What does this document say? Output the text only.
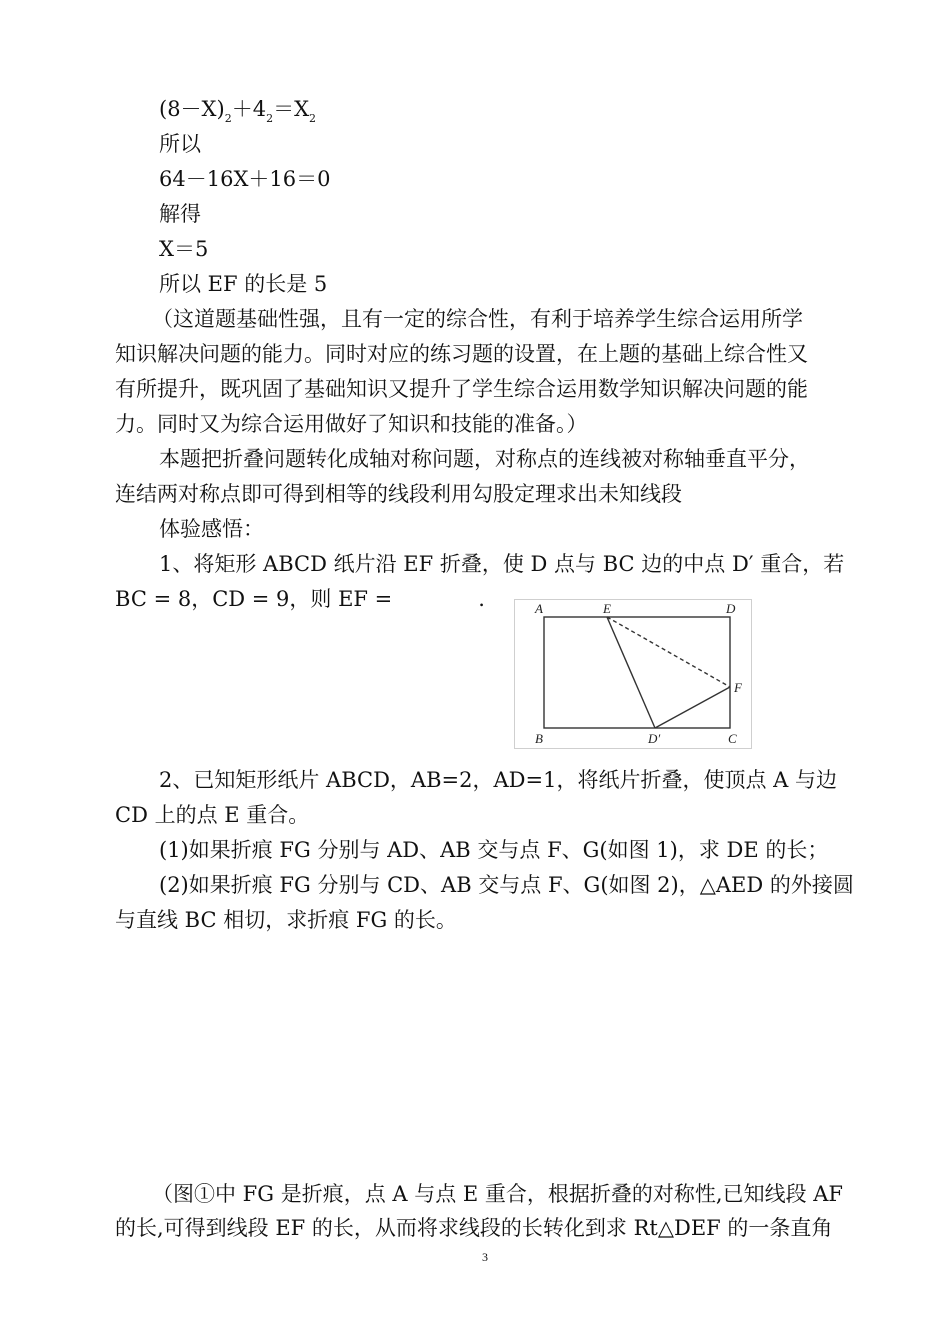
$(8-X)_2+4_2=X_2$
所以
64－16X＋16＝0
解得
X＝5
所以 EF 的长是 5
（这道题基础性强，且有一定的综合性，有利于培养学生综合运用所学
知识解决问题的能力。同时对应的练习题的设置，在上题的基础上综合性又
有所提升，既巩固了基础知识又提升了学生综合运用数学知识解决问题的能
力。同时又为综合运用做好了知识和技能的准备。）
本题把折叠问题转化成轴对称问题，对称点的连线被对称轴垂直平分，
连结两对称点即可得到相等的线段利用勾股定理求出未知线段
体验感悟：
1、将矩形 ABCD 纸片沿 EF 折叠，使 D 点与 BC 边的中点 D′ 重合，若
BC = 8，CD = 9，则 EF =	.	A	E	D
F
B	D′	C
2、已知矩形纸片 ABCD，AB=2，AD=1，将纸片折叠，使顶点 A 与边
CD 上的点 E 重合。
(1)如果折痕 FG 分别与 AD、AB 交与点 F、G(如图 1)，求 DE 的长；
(2)如果折痕 FG 分别与 CD、AB 交与点 F、G(如图 2)，△AED 的外接圆
与直线 BC 相切，求折痕 FG 的长。
（图①中 FG 是折痕，点 A 与点 E 重合，根据折叠的对称性,已知线段 AF
的长,可得到线段 EF 的长，从而将求线段的长转化到求 Rt△DEF 的一条直角
3
